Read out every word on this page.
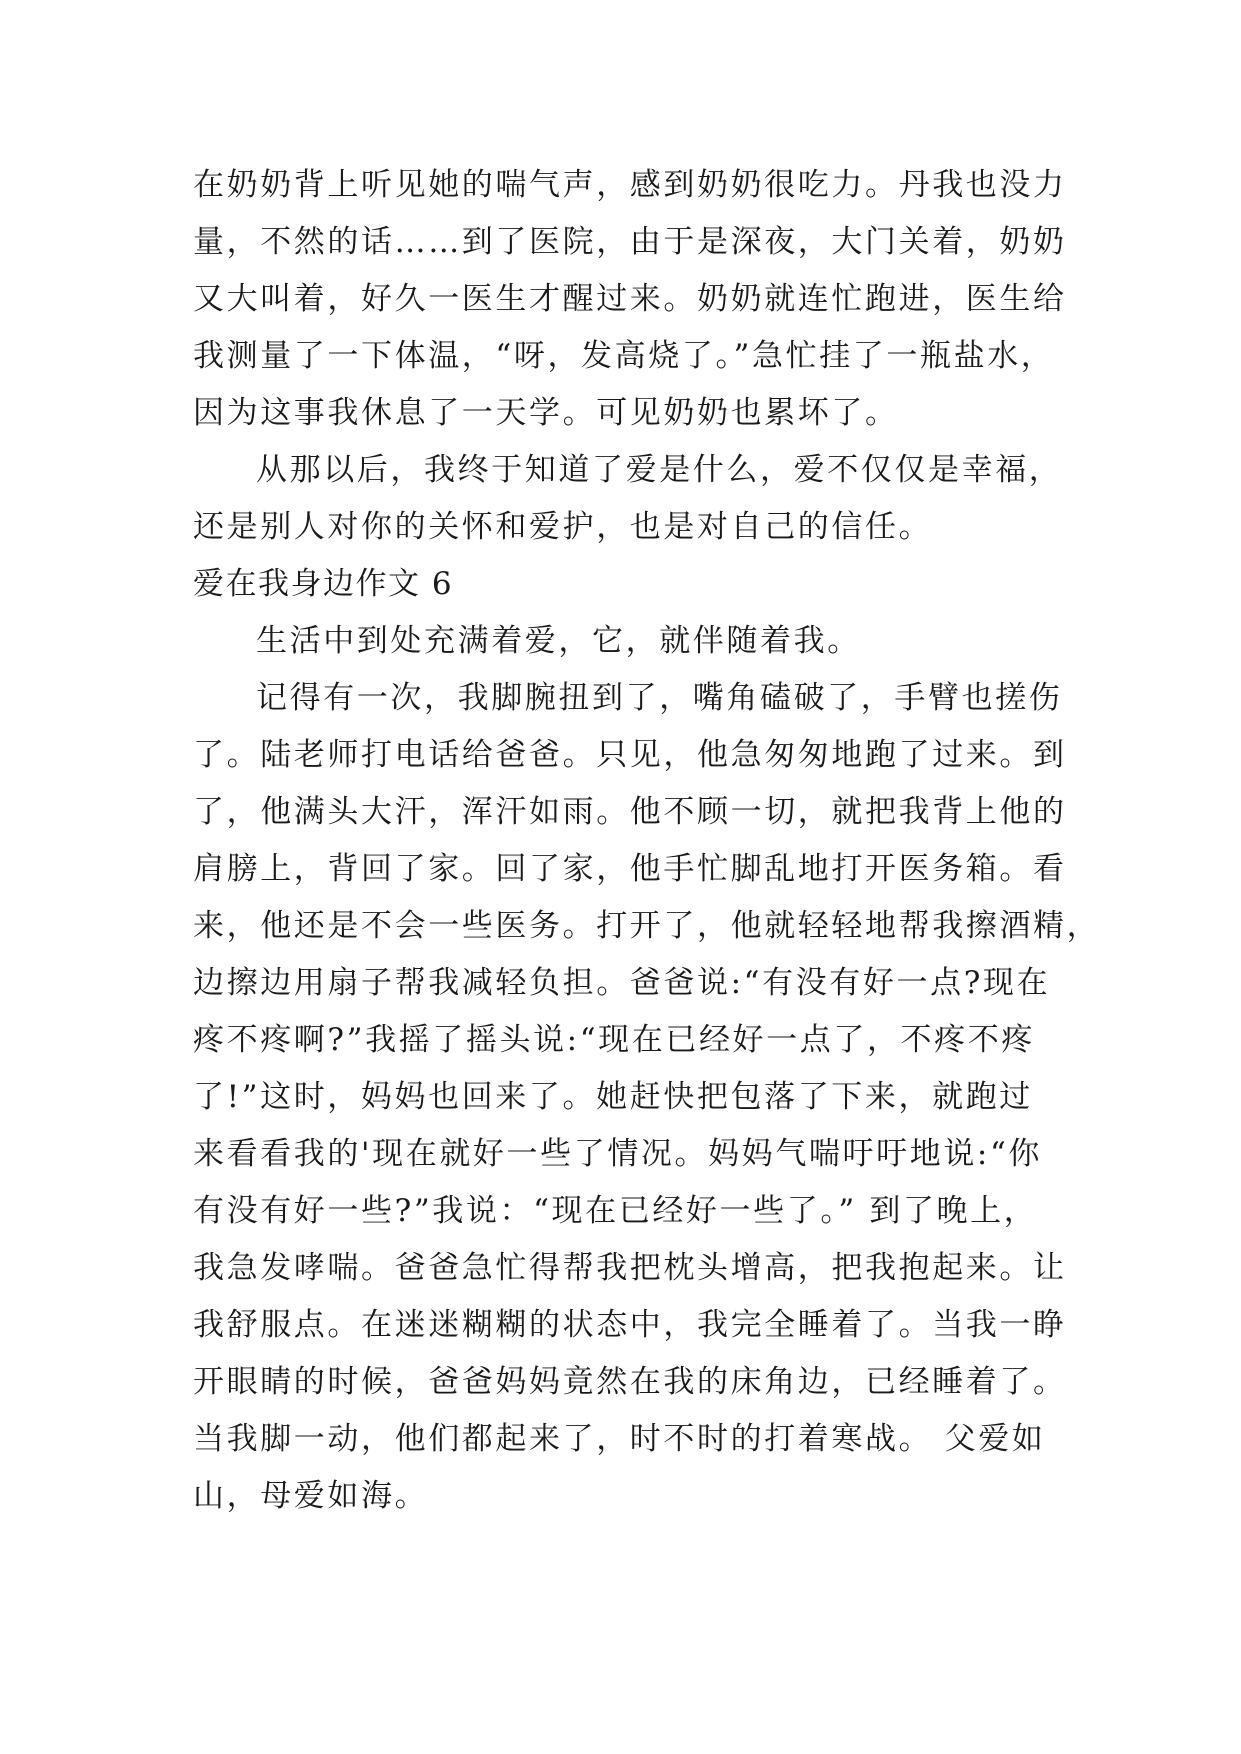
在奶奶背上听见她的喘气声，感到奶奶很吃力。丹我也没力
量，不然的话……到了医院，由于是深夜，大门关着，奶奶
又大叫着，好久一医生才醒过来。奶奶就连忙跑进，医生给
我测量了一下体温，“呀，发高烧了。”急忙挂了一瓶盐水，
因为这事我休息了一天学。可见奶奶也累坏了。
从那以后，我终于知道了爱是什么，爱不仅仅是幸福，
还是别人对你的关怀和爱护，也是对自己的信任。
爱在我身边作文 6
生活中到处充满着爱，它，就伴随着我。
记得有一次，我脚腕扭到了，嘴角磕破了，手臂也搓伤
了。陆老师打电话给爸爸。只见，他急匆匆地跑了过来。到
了，他满头大汗，浑汗如雨。他不顾一切，就把我背上他的
肩膀上，背回了家。回了家，他手忙脚乱地打开医务箱。看
来，他还是不会一些医务。打开了，他就轻轻地帮我擦酒精，
边擦边用扇子帮我减轻负担。爸爸说:“有没有好一点?现在
疼不疼啊?”我摇了摇头说:“现在已经好一点了，不疼不疼
了!”这时，妈妈也回来了。她赶快把包落了下来，就跑过
来看看我的'现在就好一些了情况。妈妈气喘吁吁地说:“你
有没有好一些?”我说：“现在已经好一些了。” 到了晚上，
我急发哮喘。爸爸急忙得帮我把枕头增高，把我抱起来。让
我舒服点。在迷迷糊糊的状态中，我完全睡着了。当我一睁
开眼睛的时候，爸爸妈妈竟然在我的床角边，已经睡着了。
当我脚一动，他们都起来了，时不时的打着寒战。 父爱如
山，母爱如海。
